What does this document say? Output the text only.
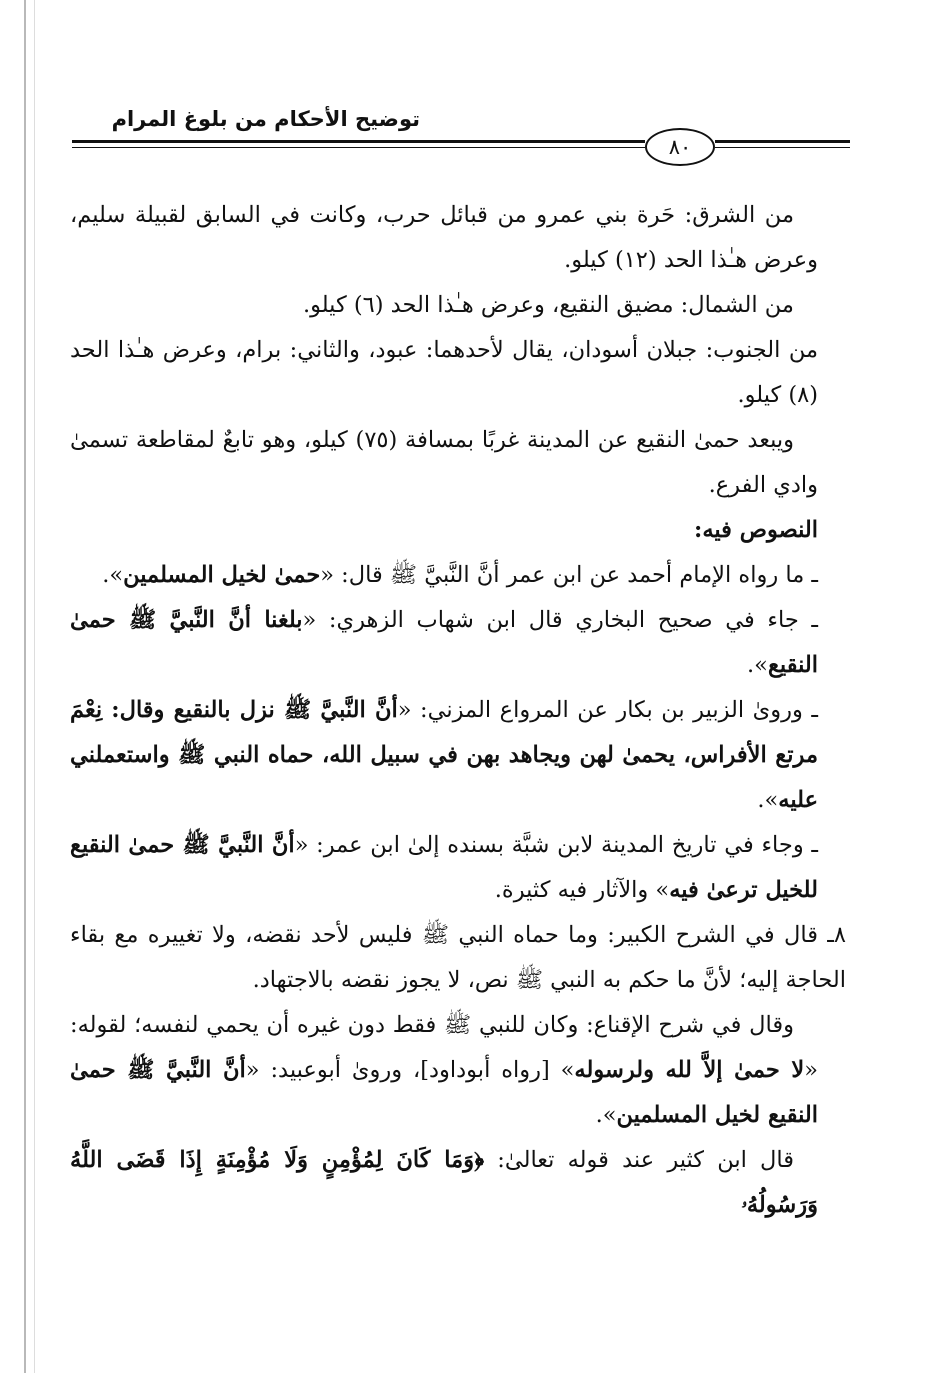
توضيح الأحكام من بلوغ المرام
٨٠

من الشرق: حَرة بني عمرو من قبائل حرب، وكانت في السابق لقبيلة سليم، وعرض هـٰذا الحد (١٢) كيلو.

من الشمال: مضيق النقيع، وعرض هـٰذا الحد (٦) كيلو.

من الجنوب: جبلان أسودان، يقال لأحدهما: عبود، والثاني: برام، وعرض هـٰذا الحد (٨) كيلو.

ويبعد حمىٰ النقيع عن المدينة غربًا بمسافة (٧٥) كيلو، وهو تابعٌ لمقاطعة تسمىٰ وادي الفرع.

النصوص فيه:

ـ ما رواه الإمام أحمد عن ابن عمر أنَّ النَّبيَّ ﷺ قال: «حمىٰ لخيل المسلمين».

ـ جاء في صحيح البخاري قال ابن شهاب الزهري: «بلغنا أنَّ النَّبيَّ ﷺ حمىٰ النقيع».

ـ وروىٰ الزبير بن بكار عن المرواع المزني: «أنَّ النَّبيَّ ﷺ نزل بالنقيع وقال: نِعْمَ مرتع الأفراس، يحمىٰ لهن ويجاهد بهن في سبيل الله، حماه النبي ﷺ واستعملني عليه».

ـ وجاء في تاريخ المدينة لابن شبَّة بسنده إلىٰ ابن عمر: «أنَّ النَّبيَّ ﷺ حمىٰ النقيع للخيل ترعىٰ فيه» والآثار فيه كثيرة.

٨ـ قال في الشرح الكبير: وما حماه النبي ﷺ فليس لأحد نقضه، ولا تغييره مع بقاء الحاجة إليه؛ لأنَّ ما حكم به النبي ﷺ نص، لا يجوز نقضه بالاجتهاد.

وقال في شرح الإقناع: وكان للنبي ﷺ فقط دون غيره أن يحمي لنفسه؛ لقوله: «لا حمىٰ إلاَّ لله ولرسوله» [رواه أبوداود]، وروىٰ أبوعبيد: «أنَّ النَّبيَّ ﷺ حمىٰ النقيع لخيل المسلمين».

قال ابن كثير عند قوله تعالىٰ: ﴿وَمَا كَانَ لِمُؤْمِنٍ وَلَا مُؤْمِنَةٍ إِذَا قَضَى اللَّهُ وَرَسُولُهُۥ
